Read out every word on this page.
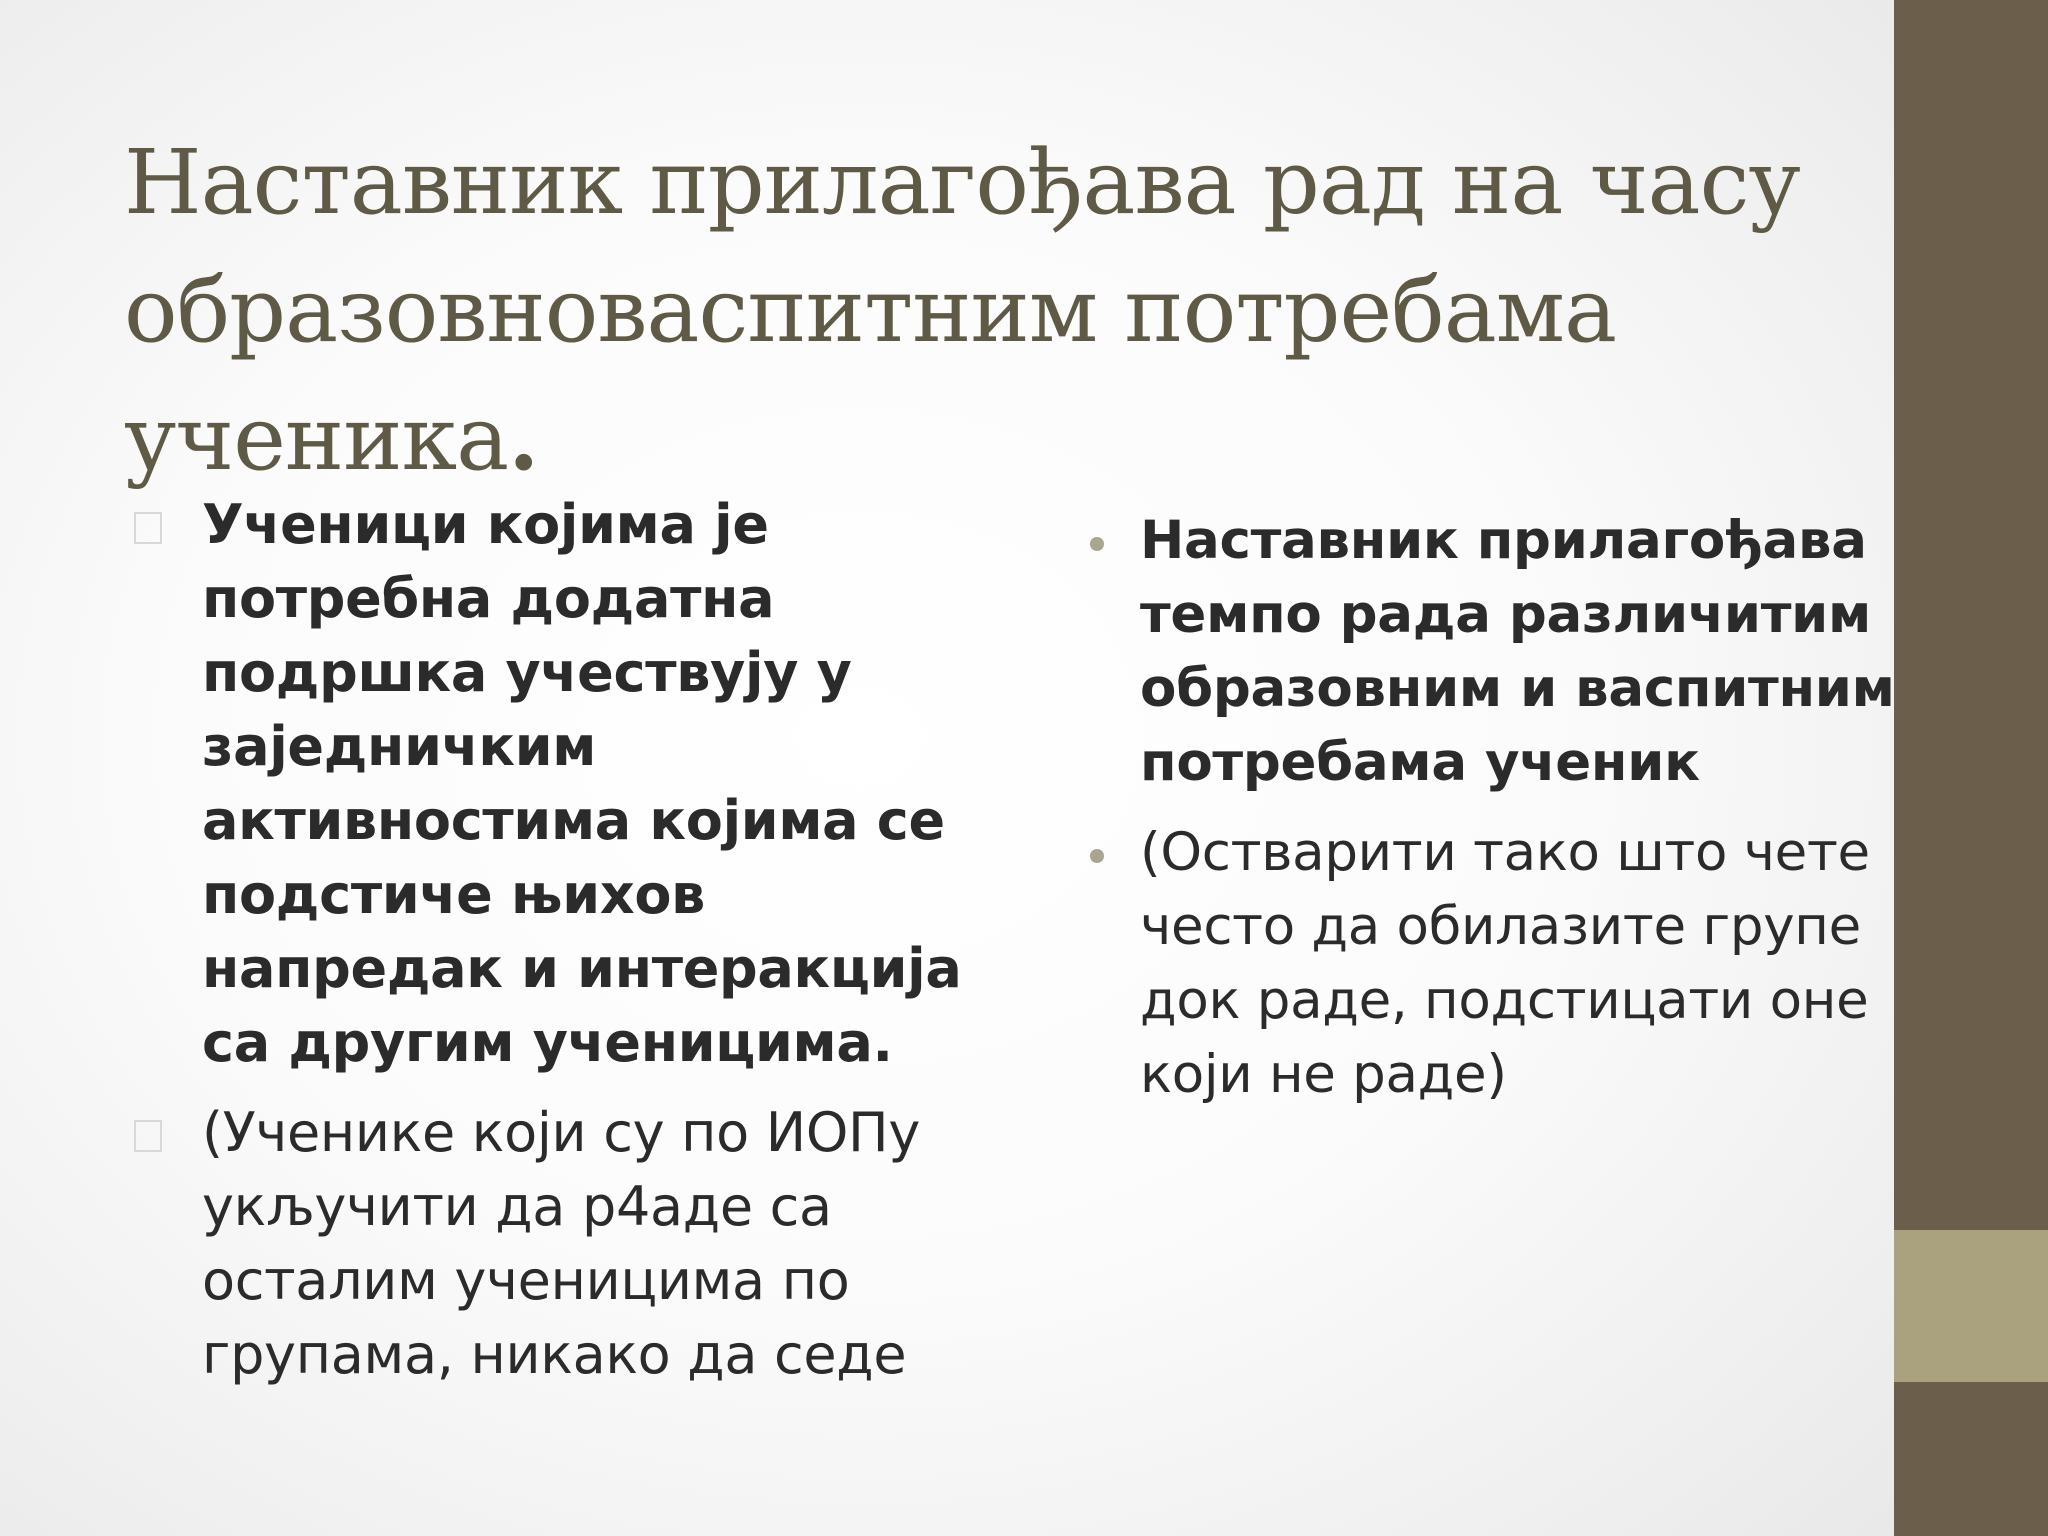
Наставник прилагођава рад на часу образовноваспитним потребама ученика.
Ученици којима је потребна додатна подршка учествују у заједничким активностима којима се подстиче њихов напредак и интеракција са другим ученицима.
(Ученике који су по ИОПу укључити да р4аде са осталим ученицима по групама, никако да седе
Наставник прилагођава темпо рада различитим образовним и васпитним потребама ученик
(Остварити тако што чете често да обилазите групе док раде, подстицати оне који не раде)
